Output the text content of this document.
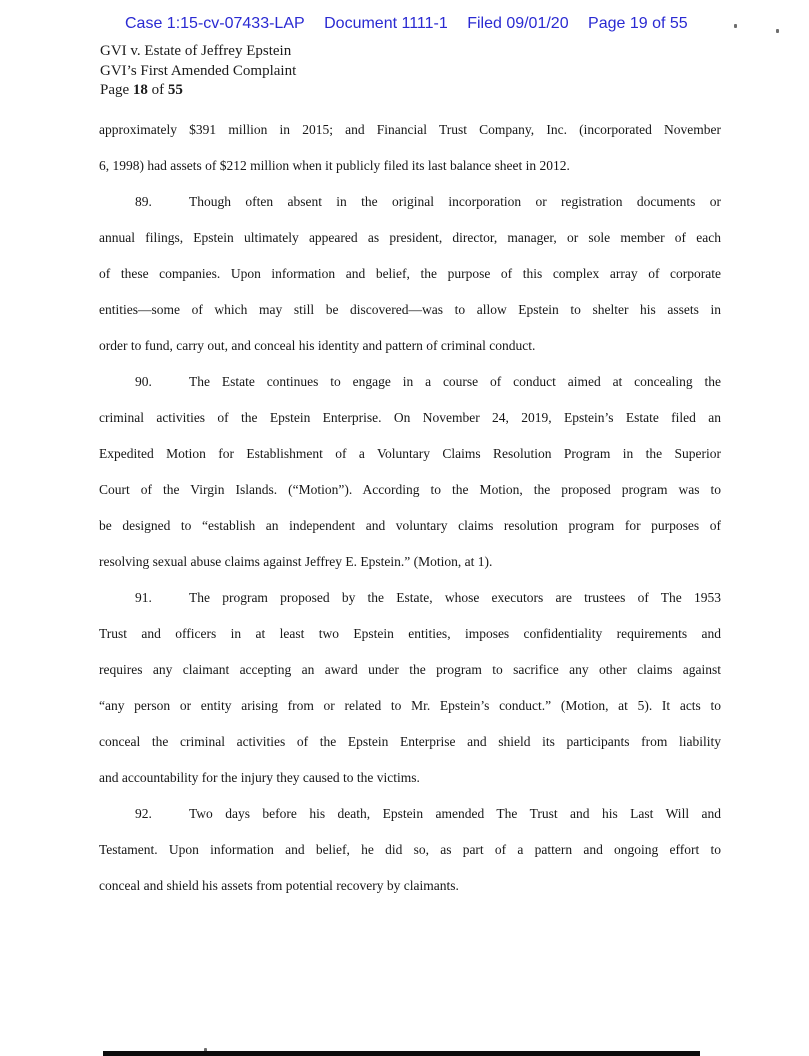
Case 1:15-cv-07433-LAP Document 1111-1 Filed 09/01/20 Page 19 of 55
GVI v. Estate of Jeffrey Epstein
GVI’s First Amended Complaint
Page 18 of 55
approximately $391 million in 2015; and Financial Trust Company, Inc. (incorporated November
6, 1998) had assets of $212 million when it publicly filed its last balance sheet in 2012.
89.	Though often absent in the original incorporation or registration documents or
annual filings, Epstein ultimately appeared as president, director, manager, or sole member of each
of these companies. Upon information and belief, the purpose of this complex array of corporate
entities—some of which may still be discovered—was to allow Epstein to shelter his assets in
order to fund, carry out, and conceal his identity and pattern of criminal conduct.
90.	The Estate continues to engage in a course of conduct aimed at concealing the
criminal activities of the Epstein Enterprise. On November 24, 2019, Epstein’s Estate filed an
Expedited Motion for Establishment of a Voluntary Claims Resolution Program in the Superior
Court of the Virgin Islands. (“Motion”). According to the Motion, the proposed program was to
be designed to “establish an independent and voluntary claims resolution program for purposes of
resolving sexual abuse claims against Jeffrey E. Epstein.” (Motion, at 1).
91.	The program proposed by the Estate, whose executors are trustees of The 1953
Trust and officers in at least two Epstein entities, imposes confidentiality requirements and
requires any claimant accepting an award under the program to sacrifice any other claims against
“any person or entity arising from or related to Mr. Epstein’s conduct.” (Motion, at 5). It acts to
conceal the criminal activities of the Epstein Enterprise and shield its participants from liability
and accountability for the injury they caused to the victims.
92.	Two days before his death, Epstein amended The Trust and his Last Will and
Testament. Upon information and belief, he did so, as part of a pattern and ongoing effort to
conceal and shield his assets from potential recovery by claimants.
